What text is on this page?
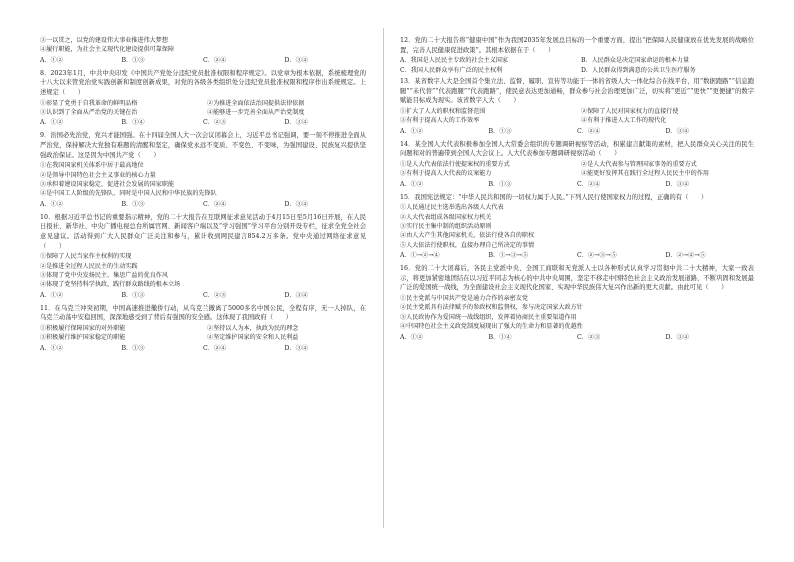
③一以贯之，以党的建设伟大事业推进伟大梦想

④履行职能，为社会主义现代化建设提供可靠保障

A．①②	B．①③	C．②④	D．③④

8．2023年1月，中共中央印发《中国共产党处分违纪党员批准权限和程序规定》。以党章为根本依据，系统梳理党的十八大以来管党治党实践创新和制度创新成果，对党的各级各类组织处分违纪党员批准权限和程序作出系统规定。上述规定（　　）

①彰显了党勇于自我革命的鲜明品格	②为推进全面依法治国提供法律依据

③认识到了全面从严治党的关键在治	④能够进一步完善全面从严治党制度

A．①②	B．①④	C．②③	D．③④

9．治国必先治党，党兴才能国强。在十四届全国人大一次会议闭幕会上，习近平总书记强调，要一刻不停推进全面从严治党，保持解决大党独有难题的清醒和坚定，确保党永远不变质、不变色、不变味，为强国建设、民族复兴提供坚强政治保证。这是因为中国共产党（　　）

①在我国国家机关体系中居于最高地位

②是领导中国特色社会主义事业的核心力量

③承担着建设国家稳定、促进社会发展的国家职能

④是中国工人阶级的先锋队，同时是中国人民和中华民族的先锋队

A．①②	B．①③	C．②④	D．③④

10．根据习近平总书记的重要指示精神，党的二十大报告在互联网征求意见活动于4月15日至5月16日开展，在人民日报社、新华社、中央广播电视总台所属官网、新闻客户端以及“学习强国”学习平台分别开设专栏，征求全党全社会意见建议。活动得到广大人民群众广泛关注和参与，累计收到网民建言854.2万多条。党中央通过网络征求意见（　　）

①保障了人民当家作主权利的实现

②是推进全过程人民民主的生动实践

③体现了党中央发扬民主、集思广益的优良作风

④体现了党坚持科学执政，践行群众路线的根本立场

A．①②	B．①③	C．②③	D．③④

11．在乌克兰冲突初期，中国高速推进撤侨行动，从乌克兰撤离了5000多名中国公民，全程有序，无一人掉队，在乌克兰动荡中安稳回国，深深地感受到了背后有强国的安全感。这体现了我国政府（　　）

①积极履行保障国家的对外职能	②坚持以人为本，执政为民的理念

③积极履行维护国家稳定的职能	④坚定维护国家的安全和人民利益

A．①②	B．①③	C．②④	D．③④

12．党的二十大报告将“健康中国”作为我国2035年发展总目标的一个重要方面，提出“把保障人民健康放在优先发展的战略位置，完善人民健康促进政策”。其根本依据在于（　　）

A．我国是人民民主专政的社会主义国家	B．人民群众是决定国家命运的根本力量

C．我国人民群众享有广泛的民主权利	D．人民群众得到满意的公共卫生医疗服务

13．某省数字人大是全国首个集立法、监督、履职、宣传等功能于一体的省级人大一体化综合在线平台，用“数据跑路”“信息跑腿”“未代替”“代表跑腿”“代表跑路”，使民意表达更加通畅，群众参与社会治理更加广泛，切实将“更近”“更快”“更便捷”的数字赋能目标成为现实。该省数字人大（　　）

①扩大了人大的职权和监督范围	②保障了人民对国家权力的直接行使

③有利于提高人大的工作效率	④有利于推进人大工作的现代化

A．①②	B．①③	C．②④	D．③④

14．某全国人大代表积极参加全国人大常委会组织的专题调研视察等活动，积累建言献策的素材，把人民群众关心关注的民生问题和对的普遍带到全国人大会议上。人大代表参加专题调研视察活动（　　）

①是人大代表依法行使提案权的重要方式	②是人大代表参与管理国家事务的重要方式

③有利于提高人大代表的议案能力	④能更好发挥其在践行全过程人民民主中的作用

A．①②	B．①③	C．②④	D．③④

15．我国宪法规定：“中华人民共和国的一切权力属于人民。”下列人民行使国家权力的过程，正确的有（　　）

①人民通过民主选举选出各级人大代表

②人大代表组成各级国家权力机关

③实行民主集中制的组织活动原则

④由人大产生其他国家机关，依法行使各自的职权

⑤人大依法行使职权，直接办理自己所决定的事情

A．①→②→④	B．①→③→⑤	C．②→③→⑤	D．②→④→⑤

16．党的二十大闭幕后，各民主党派中央、全国工商联和无党派人士以各种形式认真学习贯彻中共二十大精神，大家一致表示，将更加紧密地团结在以习近平同志为核心的中共中央周围，坚定不移走中国特色社会主义政治发展道路，不断巩固和发展最广泛的爱国统一战线，为全面建设社会主义现代化国家、实现中华民族伟大复兴作出新的更大贡献。由此可见（　　）

①民主党派与中国共产党是通力合作的亲密友党

②民主党派具有法律赋予的参政权和监督权，参与决定国家大政方针

③人民政协作为爱国统一战线组织，发挥着协商民主重要渠道作用

④中国特色社会主义政党制度展现出了强大的生命力和显著的优越性

A．①②	B．①④	C．②③	D．③④
